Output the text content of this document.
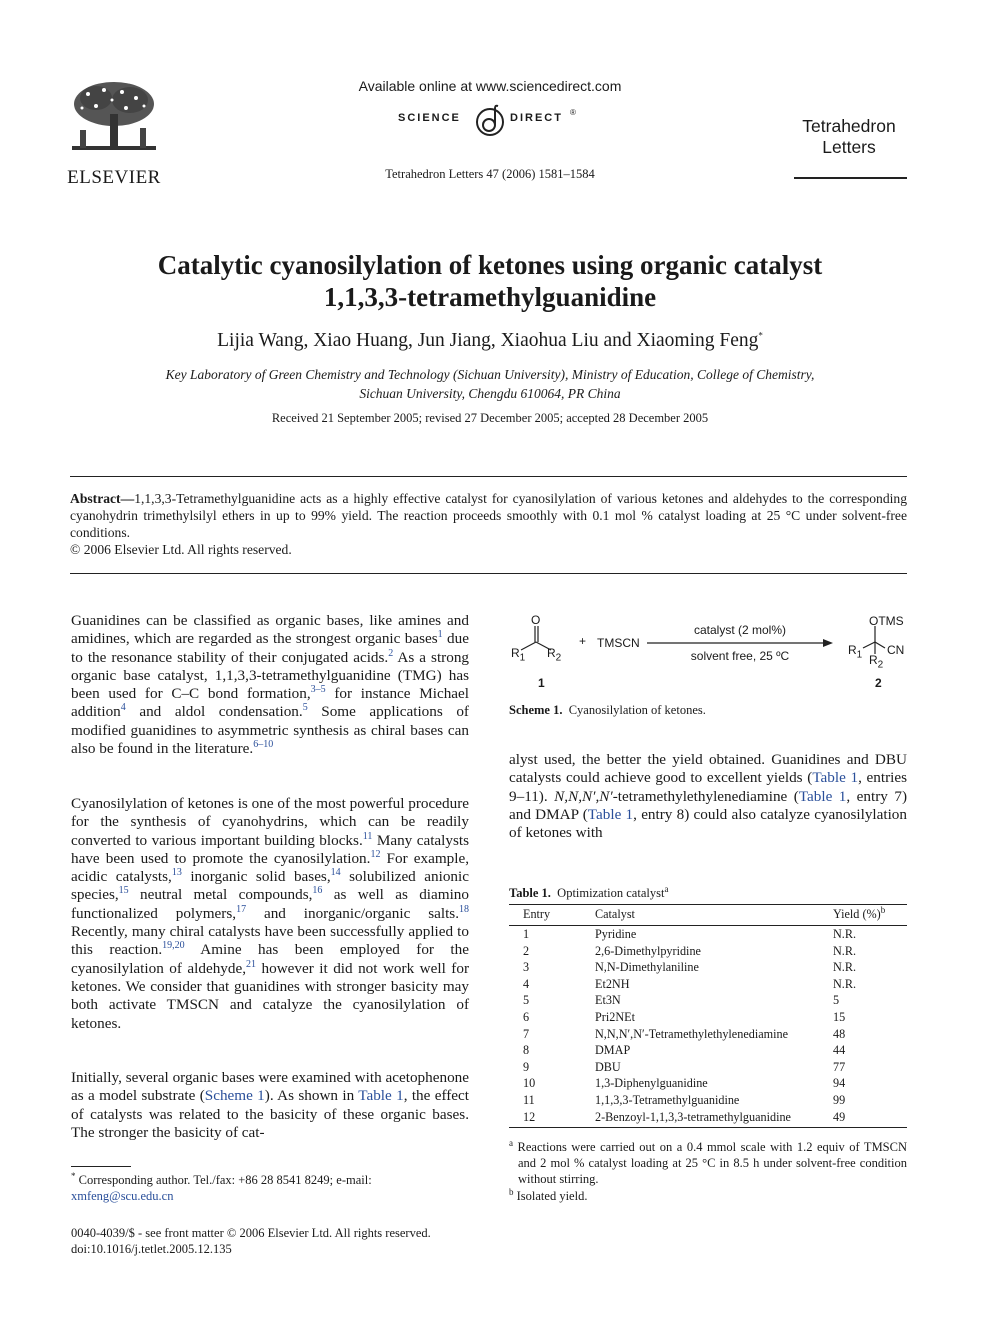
ELSEVIER
Available online at www.sciencedirect.com
SCIENCE	DIRECT ®
Tetrahedron Letters 47 (2006) 1581–1584
Tetrahedron
Letters
Catalytic cyanosilylation of ketones using organic catalyst
1,1,3,3-tetramethylguanidine
Lijia Wang, Xiao Huang, Jun Jiang, Xiaohua Liu and Xiaoming Feng*
Key Laboratory of Green Chemistry and Technology (Sichuan University), Ministry of Education, College of Chemistry,
Sichuan University, Chengdu 610064, PR China
Received 21 September 2005; revised 27 December 2005; accepted 28 December 2005
Abstract—1,1,3,3-Tetramethylguanidine acts as a highly effective catalyst for cyanosilylation of various ketones and aldehydes to the corresponding cyanohydrin trimethylsilyl ethers in up to 99% yield. The reaction proceeds smoothly with 0.1 mol % catalyst loading at 25 °C under solvent-free conditions.
© 2006 Elsevier Ltd. All rights reserved.
Guanidines can be classified as organic bases, like amines and amidines, which are regarded as the strongest organic bases$^1$ due to the resonance stability of their conjugated acids.$^2$ As a strong organic base catalyst, 1,1,3,3-tetramethylguanidine (TMG) has been used for C–C bond formation,$^{3-5}$ for instance Michael addition$^4$ and aldol condensation.$^5$ Some applications of modified guanidines to asymmetric synthesis as chiral bases can also be found in the literature.$^{6-10}$
Cyanosilylation of ketones is one of the most powerful procedure for the synthesis of cyanohydrins, which can be readily converted to various important building blocks.$^{11}$ Many catalysts have been used to promote the cyanosilylation.$^{12}$ For example, acidic catalysts,$^{13}$ inorganic solid bases,$^{14}$ solubilized anionic species,$^{15}$ neutral metal compounds,$^{16}$ as well as diamino functionalized polymers,$^{17}$ and inorganic/organic salts.$^{18}$ Recently, many chiral catalysts have been successfully applied to this reaction.$^{19,20}$ Amine has been employed for the cyanosilylation of aldehyde,$^{21}$ however it did not work well for ketones. We consider that guanidines with stronger basicity may both activate TMSCN and catalyze the cyanosilylation of ketones.
Initially, several organic bases were examined with acetophenone as a model substrate (Scheme 1). As shown in Table 1, the effect of catalysts was related to the basicity of these organic bases. The stronger the basicity of cat-
* Corresponding author. Tel./fax: +86 28 8541 8249; e-mail: xmfeng@scu.edu.cn
0040-4039/$ - see front matter © 2006 Elsevier Ltd. All rights reserved.
doi:10.1016/j.tetlet.2005.12.135
O
$R_1$ $R_2$
+ TMSCN
catalyst (2 mol%)
solvent free, 25 ºC
OTMS
$R_1$ CN
$R_2$
1	2
Scheme 1. Cyanosilylation of ketones.
alyst used, the better the yield obtained. Guanidines and DBU catalysts could achieve good to excellent yields (Table 1, entries 9–11). N,N,N′,N′-tetramethylethylenediamine (Table 1, entry 7) and DMAP (Table 1, entry 8) could also catalyze cyanosilylation of ketones with
Table 1. Optimization catalyst$^a$
Entry	Catalyst	Yield (%)$^b$
1	Pyridine	N.R.
2	2,6-Dimethylpyridine	N.R.
3	N,N-Dimethylaniline	N.R.
4	Et2NH	N.R.
5	Et3N	5
6	Pri2NEt	15
7	N,N,N′,N′-Tetramethylethylenediamine	48
8	DMAP	44
9	DBU	77
10	1,3-Diphenylguanidine	94
11	1,1,3,3-Tetramethylguanidine	99
12	2-Benzoyl-1,1,3,3-tetramethylguanidine	49
$^a$ Reactions were carried out on a 0.4 mmol scale with 1.2 equiv of TMSCN and 2 mol % catalyst loading at 25 °C in 8.5 h under solvent-free condition without stirring.
$^b$ Isolated yield.
